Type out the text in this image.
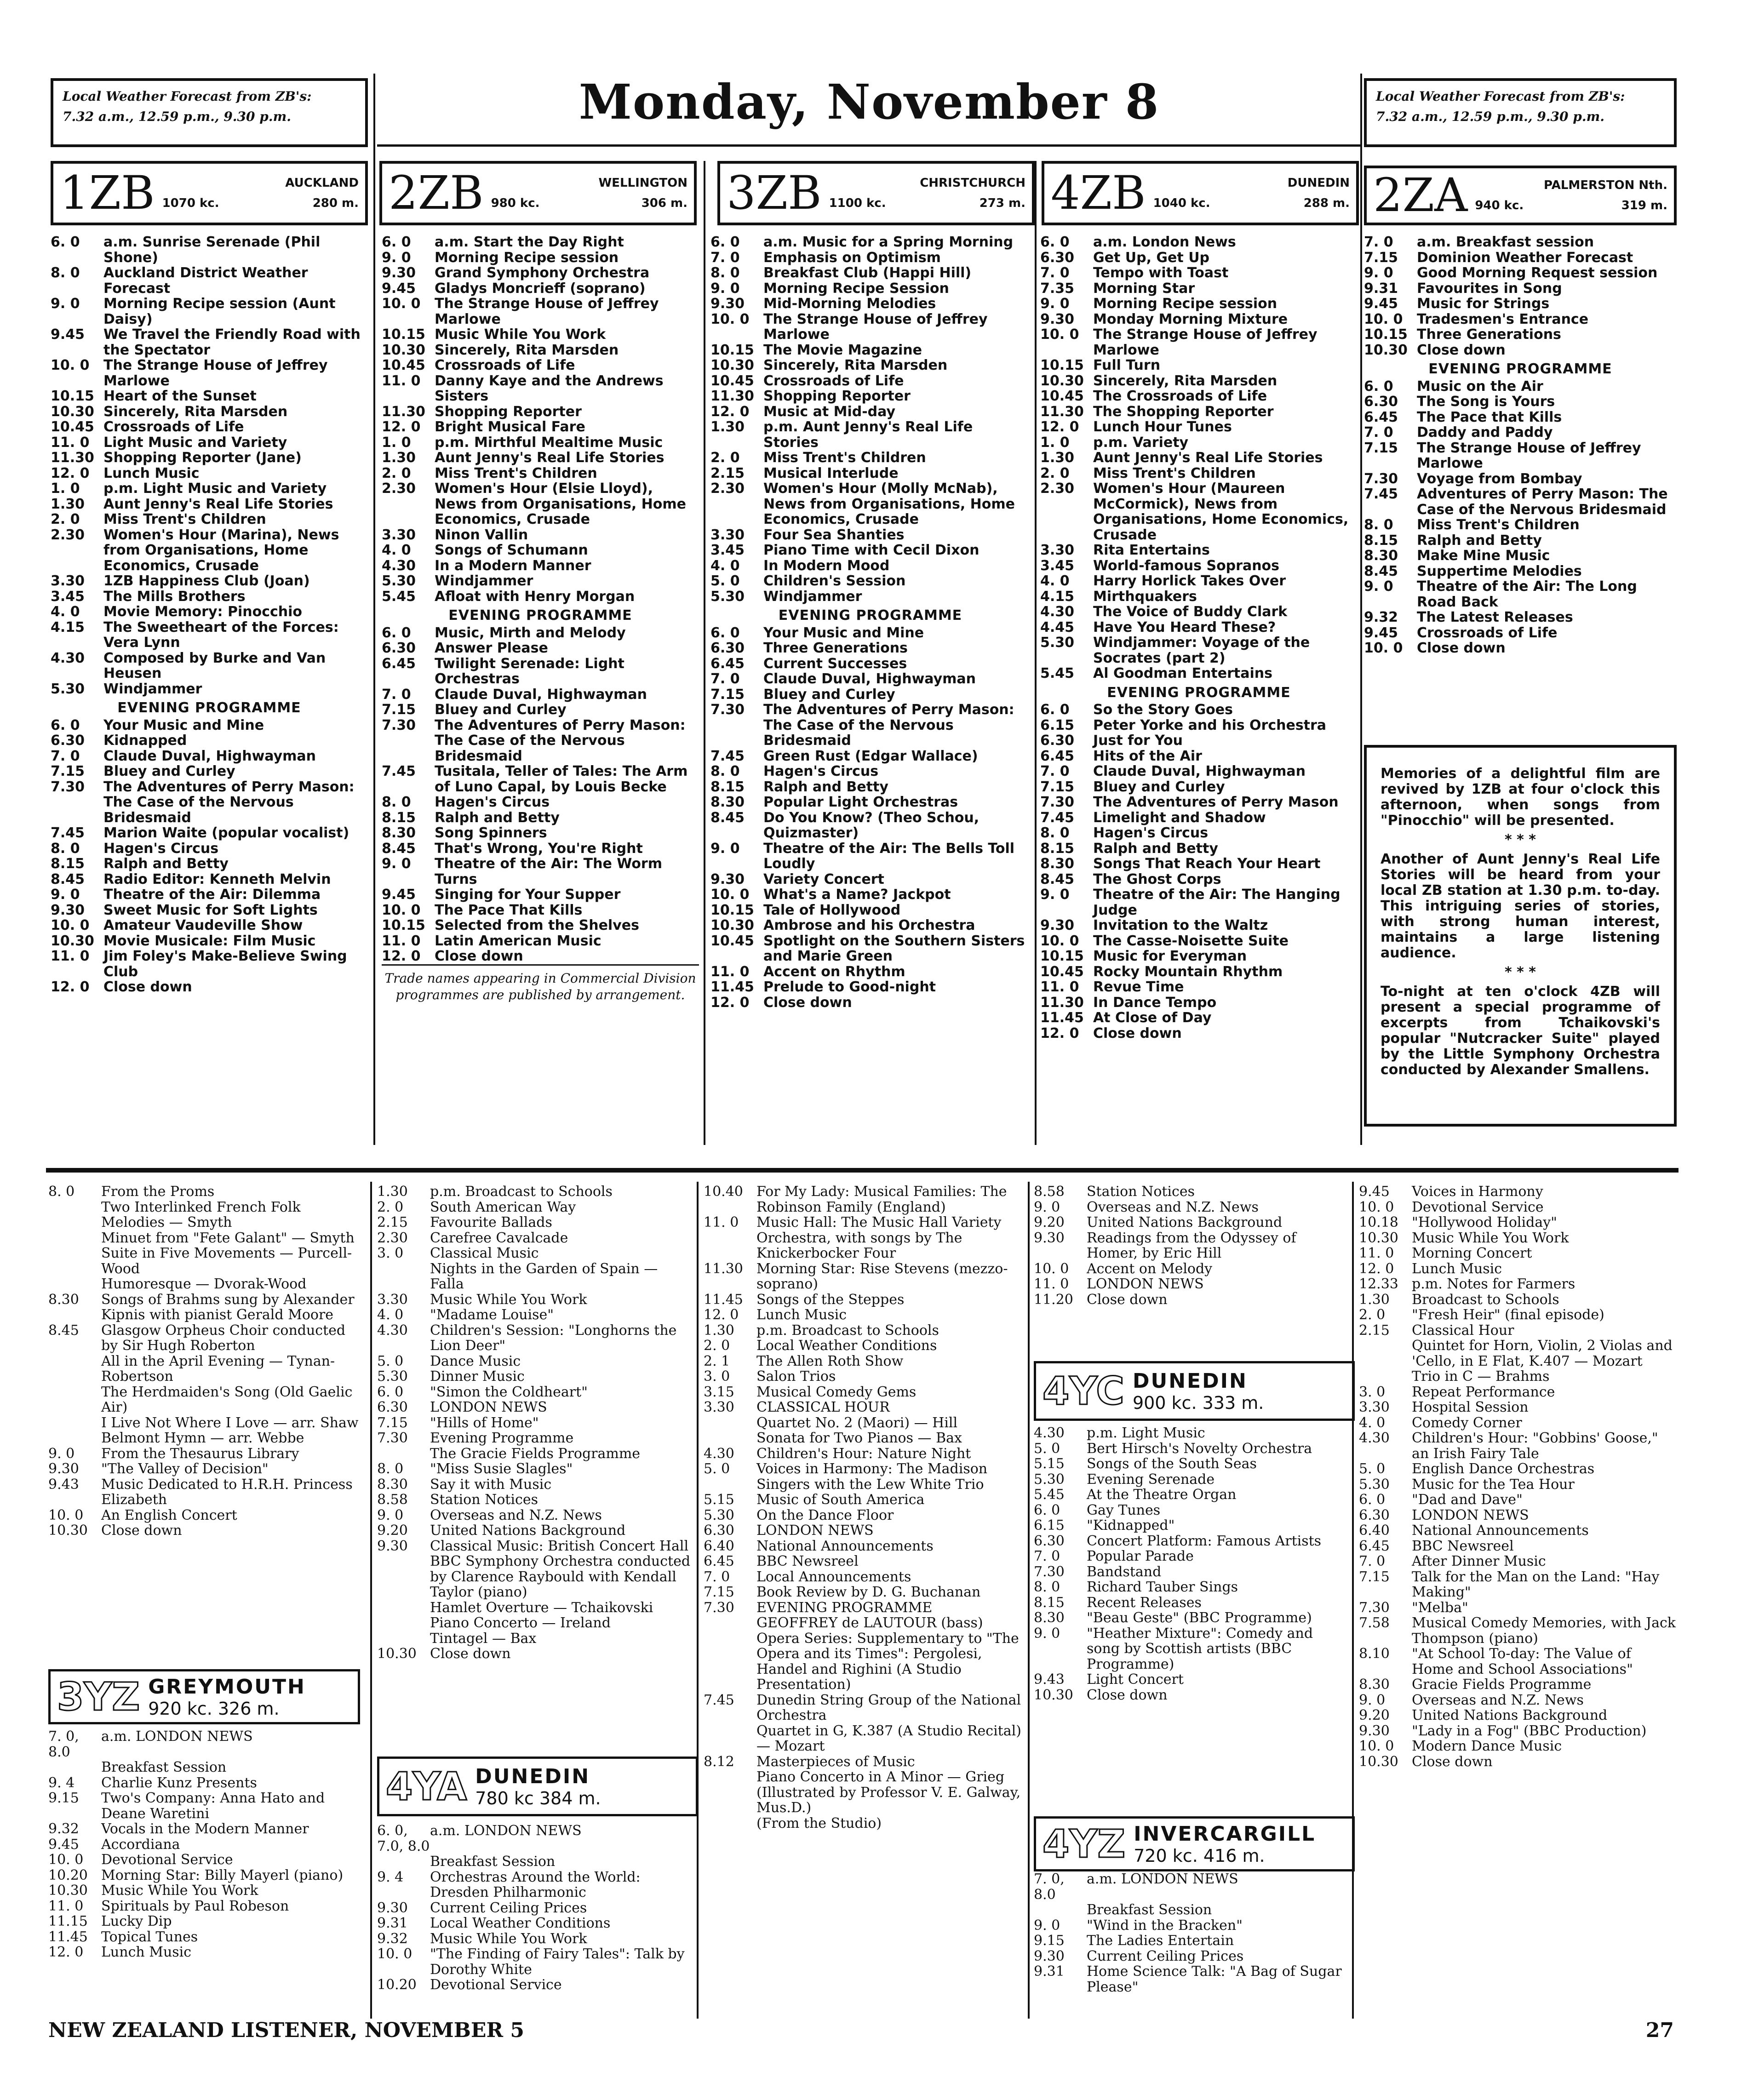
Local Weather Forecast from ZB's:
7.32 a.m., 12.59 p.m., 9.30 p.m.	Monday, November 8	Local Weather Forecast from ZB's:
7.32 a.m., 12.59 p.m., 9.30 p.m.
1ZB	AUCKLAND
1070 kc.	280 m. 2ZB	WELLINGTON
980 kc.	306 m. 3ZB	CHRISTCHURCH
1100 kc.	273 m. 4ZB	DUNEDIN
1040 kc.	288 m. 2ZA	PALMERSTON Nth.
940 kc.	319 m.
6. 0	a.m. Sunrise Serenade (Phil Shone)
8. 0	Auckland District Weather Forecast
9. 0	Morning Recipe session (Aunt Daisy)
9.45	We Travel the Friendly Road with the Spectator
10. 0	The Strange House of Jeffrey Marlowe
10.15 Heart of the Sunset
10.30 Sincerely, Rita Marsden
10.45 Crossroads of Life
11. 0	Light Music and Variety
11.30 Shopping Reporter (Jane)
12. 0	Lunch Music
1. 0	p.m. Light Music and Variety
1.30	Aunt Jenny's Real Life Stories
2. 0	Miss Trent's Children
2.30	Women's Hour (Marina), News from Organisations, Home Economics, Crusade
3.30	1ZB Happiness Club (Joan)
3.45	The Mills Brothers
4. 0	Movie Memory: Pinocchio
4.15	The Sweetheart of the Forces: Vera Lynn
4.30	Composed by Burke and Van Heusen
5.30	Windjammer
EVENING PROGRAMME
6. 0	Your Music and Mine
6.30	Kidnapped
7. 0	Claude Duval, Highwayman
7.15	Bluey and Curley
7.30	The Adventures of Perry Mason: The Case of the Nervous Bridesmaid
7.45	Marion Waite (popular vocalist)
8. 0	Hagen's Circus
8.15	Ralph and Betty
8.45	Radio Editor: Kenneth Melvin
9. 0	Theatre of the Air: Dilemma
9.30	Sweet Music for Soft Lights
10. 0	Amateur Vaudeville Show
10.30 Movie Musicale: Film Music
11. 0	Jim Foley's Make-Believe Swing Club
12. 0	Close down
6. 0	a.m. Start the Day Right
9. 0	Morning Recipe session
9.30	Grand Symphony Orchestra
9.45	Gladys Moncrieff (soprano)
10. 0	The Strange House of Jeffrey Marlowe
10.15 Music While You Work
10.30 Sincerely, Rita Marsden
10.45 Crossroads of Life
11. 0	Danny Kaye and the Andrews Sisters
11.30 Shopping Reporter
12. 0	Bright Musical Fare
1. 0	p.m. Mirthful Mealtime Music
1.30	Aunt Jenny's Real Life Stories
2. 0	Miss Trent's Children
2.30	Women's Hour (Elsie Lloyd), News from Organisations, Home Economics, Crusade
3.30	Ninon Vallin
4. 0	Songs of Schumann
4.30	In a Modern Manner
5.30	Windjammer
5.45	Afloat with Henry Morgan
EVENING PROGRAMME
6. 0	Music, Mirth and Melody
6.30	Answer Please
6.45	Twilight Serenade: Light Orchestras
7. 0	Claude Duval, Highwayman
7.15	Bluey and Curley
7.30	The Adventures of Perry Mason: The Case of the Nervous Bridesmaid
7.45	Tusitala, Teller of Tales: The Arm of Luno Capal, by Louis Becke
8. 0	Hagen's Circus
8.15	Ralph and Betty
8.30	Song Spinners
8.45	That's Wrong, You're Right
9. 0	Theatre of the Air: The Worm Turns
9.45	Singing for Your Supper
10. 0	The Pace That Kills
10.15 Selected from the Shelves
11. 0	Latin American Music
12. 0	Close down
Trade names appearing in Commercial Division programmes are published by arrangement.
6. 0	a.m. Music for a Spring Morning
7. 0	Emphasis on Optimism
8. 0	Breakfast Club (Happi Hill)
9. 0	Morning Recipe Session
9.30	Mid-Morning Melodies
10. 0	The Strange House of Jeffrey Marlowe
10.15 The Movie Magazine
10.30 Sincerely, Rita Marsden
10.45 Crossroads of Life
11.30 Shopping Reporter
12. 0	Music at Mid-day
1.30	p.m. Aunt Jenny's Real Life Stories
2. 0	Miss Trent's Children
2.15	Musical Interlude
2.30	Women's Hour (Molly McNab), News from Organisations, Home Economics, Crusade
3.30	Four Sea Shanties
3.45	Piano Time with Cecil Dixon
4. 0	In Modern Mood
5. 0	Children's Session
5.30	Windjammer
EVENING PROGRAMME
6. 0	Your Music and Mine
6.30	Three Generations
6.45	Current Successes
7. 0	Claude Duval, Highwayman
7.15	Bluey and Curley
7.30	The Adventures of Perry Mason: The Case of the Nervous Bridesmaid
7.45	Green Rust (Edgar Wallace)
8. 0	Hagen's Circus
8.15	Ralph and Betty
8.30	Popular Light Orchestras
8.45	Do You Know? (Theo Schou, Quizmaster)
9. 0	Theatre of the Air: The Bells Toll Loudly
9.30	Variety Concert
10. 0	What's a Name? Jackpot
10.15 Tale of Hollywood
10.30 Ambrose and his Orchestra
10.45 Spotlight on the Southern Sisters and Marie Green
11. 0	Accent on Rhythm
11.45 Prelude to Good-night
12. 0	Close down
6. 0	a.m. London News
6.30	Get Up, Get Up
7. 0	Tempo with Toast
7.35	Morning Star
9. 0	Morning Recipe session
9.30	Monday Morning Mixture
10. 0	The Strange House of Jeffrey Marlowe
10.15 Full Turn
10.30 Sincerely, Rita Marsden
10.45 The Crossroads of Life
11.30 The Shopping Reporter
12. 0	Lunch Hour Tunes
1. 0	p.m. Variety
1.30	Aunt Jenny's Real Life Stories
2. 0	Miss Trent's Children
2.30	Women's Hour (Maureen McCormick), News from Organisations, Home Economics, Crusade
3.30	Rita Entertains
3.45	World-famous Sopranos
4. 0	Harry Horlick Takes Over
4.15	Mirthquakers
4.30	The Voice of Buddy Clark
4.45	Have You Heard These?
5.30	Windjammer: Voyage of the Socrates (part 2)
5.45	Al Goodman Entertains
EVENING PROGRAMME
6. 0	So the Story Goes
6.15	Peter Yorke and his Orchestra
6.30	Just for You
6.45	Hits of the Air
7. 0	Claude Duval, Highwayman
7.15	Bluey and Curley
7.30	The Adventures of Perry Mason
7.45	Limelight and Shadow
8. 0	Hagen's Circus
8.15	Ralph and Betty
8.30	Songs That Reach Your Heart
8.45	The Ghost Corps
9. 0	Theatre of the Air: The Hanging Judge
9.30	Invitation to the Waltz
10. 0	The Casse-Noisette Suite
10.15 Music for Everyman
10.45 Rocky Mountain Rhythm
11. 0	Revue Time
11.30 In Dance Tempo
11.45 At Close of Day
12. 0	Close down
7. 0	a.m. Breakfast session
7.15	Dominion Weather Forecast
9. 0	Good Morning Request session
9.31	Favourites in Song
9.45	Music for Strings
10. 0	Tradesmen's Entrance
10.15 Three Generations
10.30 Close down
EVENING PROGRAMME
6. 0	Music on the Air
6.30	The Song is Yours
6.45	The Pace that Kills
7. 0	Daddy and Paddy
7.15	The Strange House of Jeffrey Marlowe
7.30	Voyage from Bombay
7.45	Adventures of Perry Mason: The Case of the Nervous Bridesmaid
8. 0	Miss Trent's Children
8.15	Ralph and Betty
8.30	Make Mine Music
8.45	Suppertime Melodies
9. 0	Theatre of the Air: The Long Road Back
9.32	The Latest Releases
9.45	Crossroads of Life
10. 0	Close down
Memories of a delightful film are revived by 1ZB at four o'clock this afternoon, when songs from "Pinocchio" will be presented.
* * *
Another of Aunt Jenny's Real Life Stories will be heard from your local ZB station at 1.30 p.m. to-day. This intriguing series of stories, with strong human interest, maintains a large listening audience.
* * *
To-night at ten o'clock 4ZB will present a special programme of excerpts from Tchaikovski's popular "Nutcracker Suite" played by the Little Symphony Orchestra conducted by Alexander Smallens.
8. 0	From the Proms
Two Interlinked French Folk Melodies — Smyth
Minuet from "Fete Galant" — Smyth
Suite in Five Movements — Purcell-Wood
Humoresque — Dvorak-Wood
8.30	Songs of Brahms sung by Alexander Kipnis with pianist Gerald Moore
8.45	Glasgow Orpheus Choir conducted by Sir Hugh Roberton
All in the April Evening — Tynan-Robertson
The Herdmaiden's Song (Old Gaelic Air)
I Live Not Where I Love — arr. Shaw
Belmont Hymn — arr. Webbe
9. 0	From the Thesaurus Library
9.30	"The Valley of Decision"
9.43	Music Dedicated to H.R.H. Princess Elizabeth
10. 0	An English Concert
10.30 Close down
3YZ GREYMOUTH
920 kc. 326 m.
7. 0, 8.0
a.m. LONDON NEWS
Breakfast Session
9. 4	Charlie Kunz Presents
9.15	Two's Company: Anna Hato and Deane Waretini
9.32	Vocals in the Modern Manner
9.45	Accordiana
10. 0	Devotional Service
10.20 Morning Star: Billy Mayerl (piano)
10.30 Music While You Work
11. 0	Spirituals by Paul Robeson
11.15 Lucky Dip
11.45 Topical Tunes
12. 0	Lunch Music
1.30	p.m. Broadcast to Schools
2. 0	South American Way
2.15	Favourite Ballads
2.30	Carefree Cavalcade
3. 0	Classical Music
Nights in the Garden of Spain — Falla
3.30	Music While You Work
4. 0	"Madame Louise"
4.30	Children's Session: "Longhorns the Lion Deer"
5. 0	Dance Music
5.30	Dinner Music
6. 0	"Simon the Coldheart"
6.30	LONDON NEWS
7.15	"Hills of Home"
7.30	Evening Programme
The Gracie Fields Programme
8. 0	"Miss Susie Slagles"
8.30	Say it with Music
8.58	Station Notices
9. 0	Overseas and N.Z. News
9.20	United Nations Background
9.30	Classical Music: British Concert Hall
BBC Symphony Orchestra conducted by Clarence Raybould with Kendall Taylor (piano)
Hamlet Overture — Tchaikovski
Piano Concerto — Ireland
Tintagel — Bax
10.30 Close down
4YA DUNEDIN
780 kc 384 m.
6. 0, 7.0, 8.0
a.m. LONDON NEWS
Breakfast Session
9. 4	Orchestras Around the World: Dresden Philharmonic
9.30	Current Ceiling Prices
9.31	Local Weather Conditions
9.32	Music While You Work
10. 0	"The Finding of Fairy Tales": Talk by Dorothy White
10.20 Devotional Service
10.40 For My Lady: Musical Families: The Robinson Family (England)
11. 0	Music Hall: The Music Hall Variety Orchestra, with songs by The Knickerbocker Four
11.30 Morning Star: Rise Stevens (mezzo-soprano)
11.45 Songs of the Steppes
12. 0	Lunch Music
1.30	p.m. Broadcast to Schools
2. 0	Local Weather Conditions
2. 1	The Allen Roth Show
3. 0	Salon Trios
3.15	Musical Comedy Gems
3.30	CLASSICAL HOUR
Quartet No. 2 (Maori) — Hill
Sonata for Two Pianos — Bax
4.30	Children's Hour: Nature Night
5. 0	Voices in Harmony: The Madison Singers with the Lew White Trio
5.15	Music of South America
5.30	On the Dance Floor
6.30	LONDON NEWS
6.40	National Announcements
6.45	BBC Newsreel
7. 0	Local Announcements
7.15	Book Review by D. G. Buchanan
7.30	EVENING PROGRAMME
GEOFFREY de LAUTOUR (bass)
Opera Series: Supplementary to "The Opera and its Times": Pergolesi, Handel and Righini (A Studio Presentation)
7.45	Dunedin String Group of the National Orchestra
Quartet in G, K.387 (A Studio Recital) — Mozart
8.12	Masterpieces of Music
Piano Concerto in A Minor — Grieg
(Illustrated by Professor V. E. Galway, Mus.D.)
(From the Studio)
8.58	Station Notices
9. 0	Overseas and N.Z. News
9.20	United Nations Background
9.30	Readings from the Odyssey of Homer, by Eric Hill
10. 0	Accent on Melody
11. 0	LONDON NEWS
11.20 Close down
4YC DUNEDIN
900 kc. 333 m.
4.30	p.m. Light Music
5. 0	Bert Hirsch's Novelty Orchestra
5.15	Songs of the South Seas
5.30	Evening Serenade
5.45	At the Theatre Organ
6. 0	Gay Tunes
6.15	"Kidnapped"
6.30	Concert Platform: Famous Artists
7. 0	Popular Parade
7.30	Bandstand
8. 0	Richard Tauber Sings
8.15	Recent Releases
8.30	"Beau Geste" (BBC Programme)
9. 0	"Heather Mixture": Comedy and song by Scottish artists (BBC Programme)
9.43	Light Concert
10.30 Close down
4YZ INVERCARGILL
720 kc. 416 m.
7. 0, 8.0
a.m. LONDON NEWS
Breakfast Session
9. 0	"Wind in the Bracken"
9.15	The Ladies Entertain
9.30	Current Ceiling Prices
9.31	Home Science Talk: "A Bag of Sugar Please"
9.45	Voices in Harmony
10. 0	Devotional Service
10.18 "Hollywood Holiday"
10.30 Music While You Work
11. 0	Morning Concert
12. 0	Lunch Music
12.33 p.m. Notes for Farmers
1.30	Broadcast to Schools
2. 0	"Fresh Heir" (final episode)
2.15	Classical Hour
Quintet for Horn, Violin, 2 Violas and 'Cello, in E Flat, K.407 — Mozart
Trio in C — Brahms
3. 0	Repeat Performance
3.30	Hospital Session
4. 0	Comedy Corner
4.30	Children's Hour: "Gobbins' Goose," an Irish Fairy Tale
5. 0	English Dance Orchestras
5.30	Music for the Tea Hour
6. 0	"Dad and Dave"
6.30	LONDON NEWS
6.40	National Announcements
6.45	BBC Newsreel
7. 0	After Dinner Music
7.15	Talk for the Man on the Land: "Hay Making"
7.30	"Melba"
7.58	Musical Comedy Memories, with Jack Thompson (piano)
8.10	"At School To-day: The Value of Home and School Associations"
8.30	Gracie Fields Programme
9. 0	Overseas and N.Z. News
9.20	United Nations Background
9.30	"Lady in a Fog" (BBC Production)
10. 0	Modern Dance Music
10.30 Close down
NEW ZEALAND LISTENER, NOVEMBER 5	27
